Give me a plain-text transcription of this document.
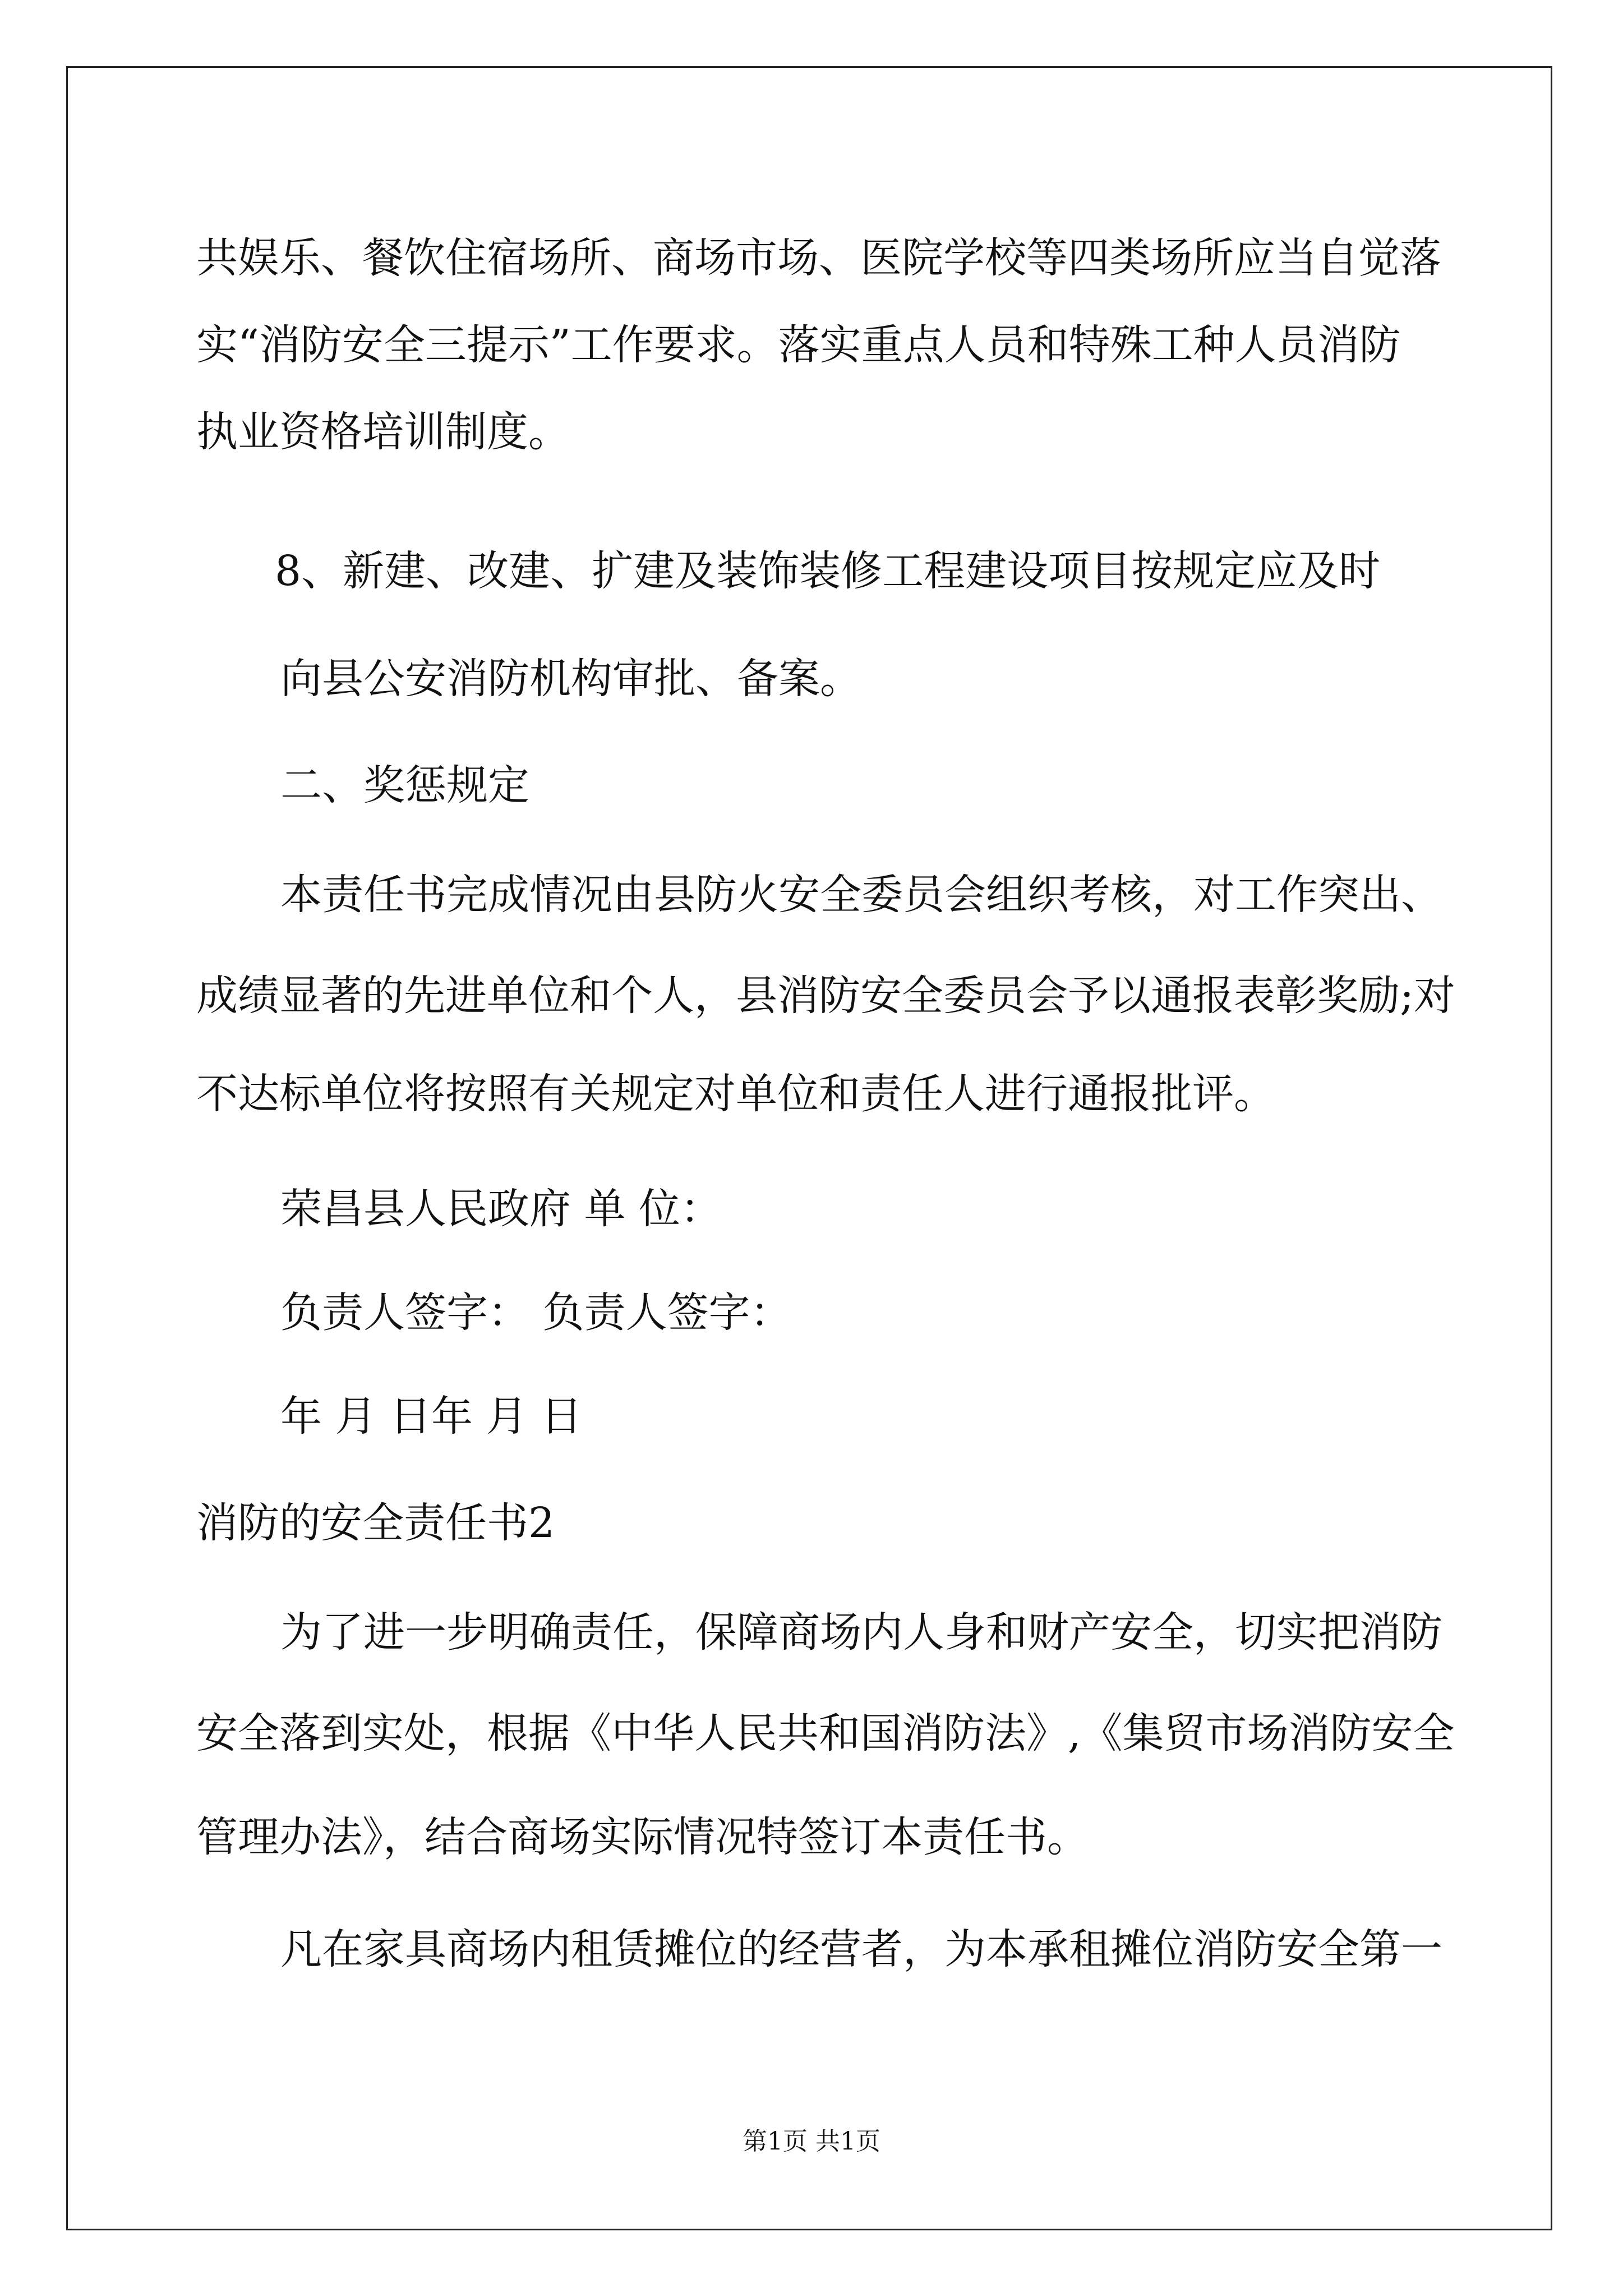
共娱乐、餐饮住宿场所、商场市场、医院学校等四类场所应当自觉落

实“消防安全三提示”工作要求。落实重点人员和特殊工种人员消防

执业资格培训制度。

8、新建、改建、扩建及装饰装修工程建设项目按规定应及时

向县公安消防机构审批、备案。

二、奖惩规定

本责任书完成情况由县防火安全委员会组织考核，对工作突出、

成绩显著的先进单位和个人，县消防安全委员会予以通报表彰奖励;对

不达标单位将按照有关规定对单位和责任人进行通报批评。

荣昌县人民政府 单 位：

负责人签字： 负责人签字：

年 月 日年 月 日

消防的安全责任书2

为了进一步明确责任，保障商场内人身和财产安全，切实把消防

安全落到实处，根据《中华人民共和国消防法》,《集贸市场消防安全

管理办法》，结合商场实际情况特签订本责任书。

凡在家具商场内租赁摊位的经营者，为本承租摊位消防安全第一

第1页 共1页
